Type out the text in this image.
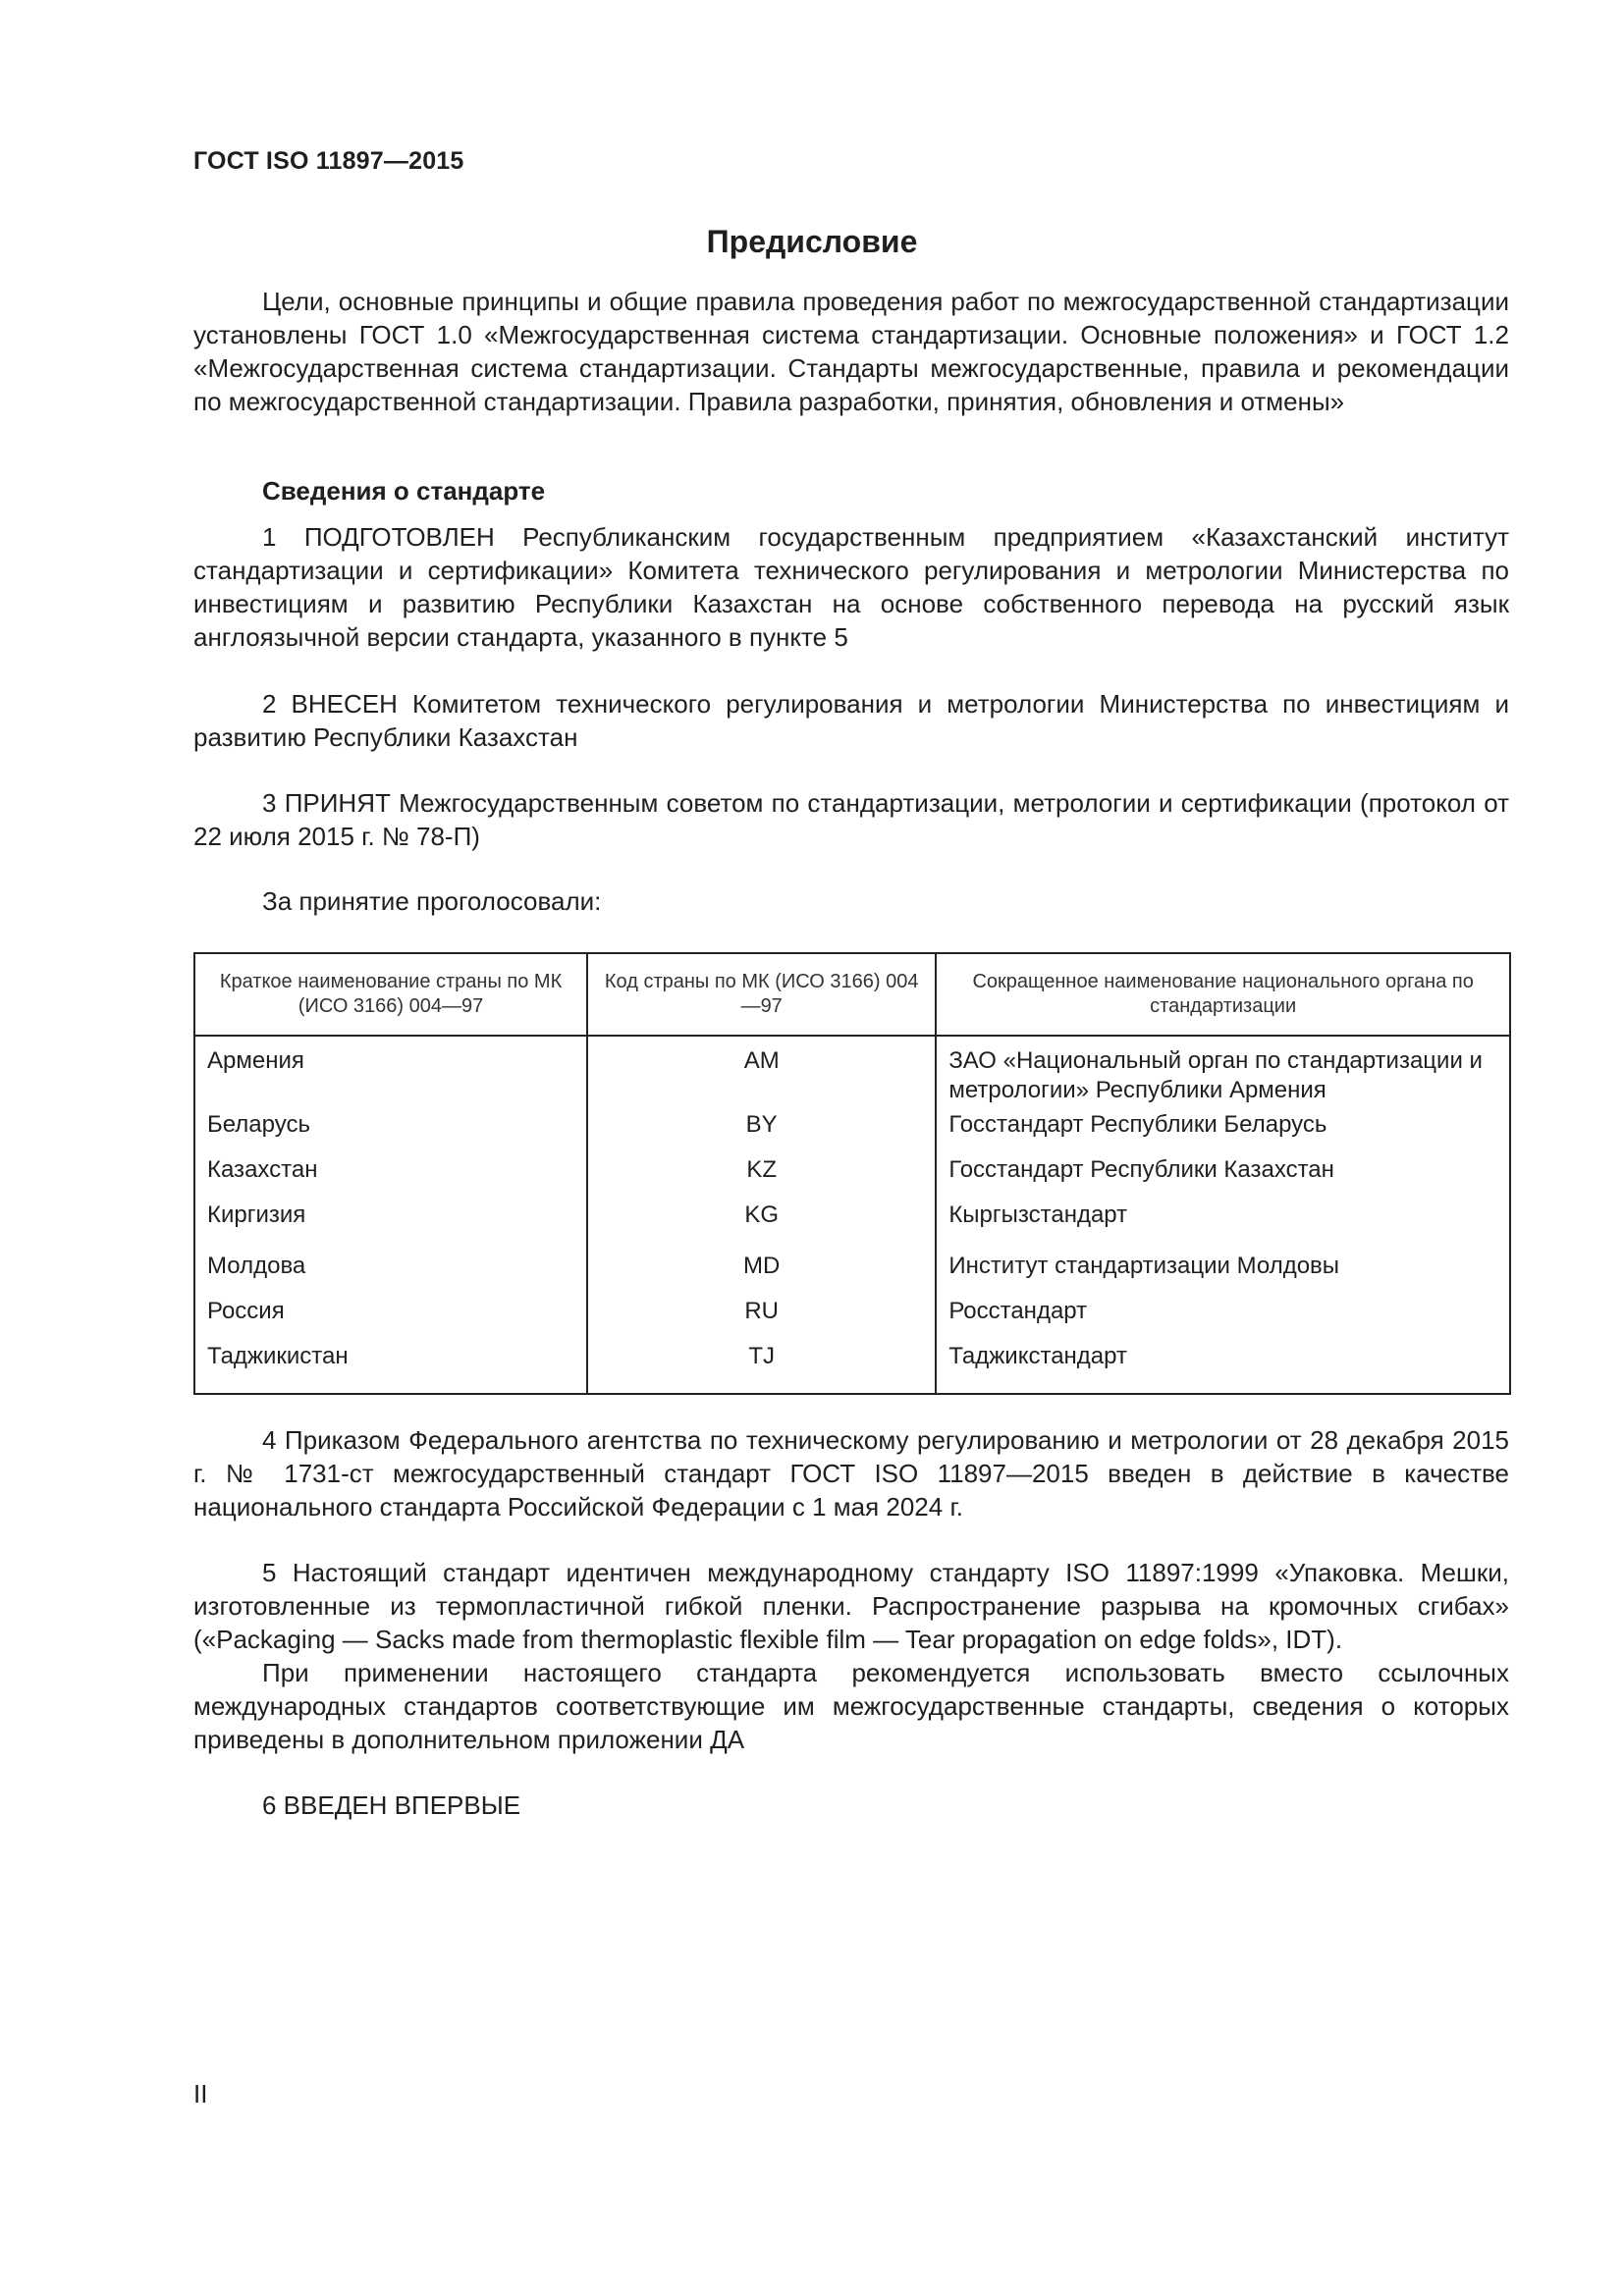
ГОСТ ISO 11897—2015
Предисловие

Цели, основные принципы и общие правила проведения работ по межгосударственной стандартизации установлены ГОСТ 1.0 «Межгосударственная система стандартизации. Основные положения» и ГОСТ 1.2 «Межгосударственная система стандартизации. Стандарты межгосударственные, правила и рекомендации по межгосударственной стандартизации. Правила разработки, принятия, обновления и отмены»

Сведения о стандарте

1 ПОДГОТОВЛЕН Республиканским государственным предприятием «Казахстанский институт стандартизации и сертификации» Комитета технического регулирования и метрологии Министерства по инвестициям и развитию Республики Казахстан на основе собственного перевода на русский язык англоязычной версии стандарта, указанного в пункте 5

2 ВНЕСЕН Комитетом технического регулирования и метрологии Министерства по инвестициям и развитию Республики Казахстан

3 ПРИНЯТ Межгосударственным советом по стандартизации, метрологии и сертификации (протокол от 22 июля 2015 г. № 78-П)

За принятие проголосовали:
Краткое наименование страны по МК (ИСО 3166) 004—97	Код страны по МК (ИСО 3166) 004—97	Сокращенное наименование национального органа по стандартизации
Армения	AM	ЗАО «Национальный орган по стандартизации и метрологии» Республики Армения
Беларусь	BY	Госстандарт Республики Беларусь
Казахстан	KZ	Госстандарт Республики Казахстан
Киргизия	KG	Кыргызстандарт
Молдова	MD	Институт стандартизации Молдовы
Россия	RU	Росстандарт
Таджикистан	TJ	Таджикстандарт

4 Приказом Федерального агентства по техническому регулированию и метрологии от 28 декабря 2015 г. № 1731-ст межгосударственный стандарт ГОСТ ISO 11897—2015 введен в действие в качестве национального стандарта Российской Федерации с 1 мая 2024 г.

5 Настоящий стандарт идентичен международному стандарту ISO 11897:1999 «Упаковка. Мешки, изготовленные из термопластичной гибкой пленки. Распространение разрыва на кромочных сгибах» («Packaging — Sacks made from thermoplastic flexible film — Tear propagation on edge folds», IDT).

При применении настоящего стандарта рекомендуется использовать вместо ссылочных международных стандартов соответствующие им межгосударственные стандарты, сведения о которых приведены в дополнительном приложении ДА

6 ВВЕДЕН ВПЕРВЫЕ

II
